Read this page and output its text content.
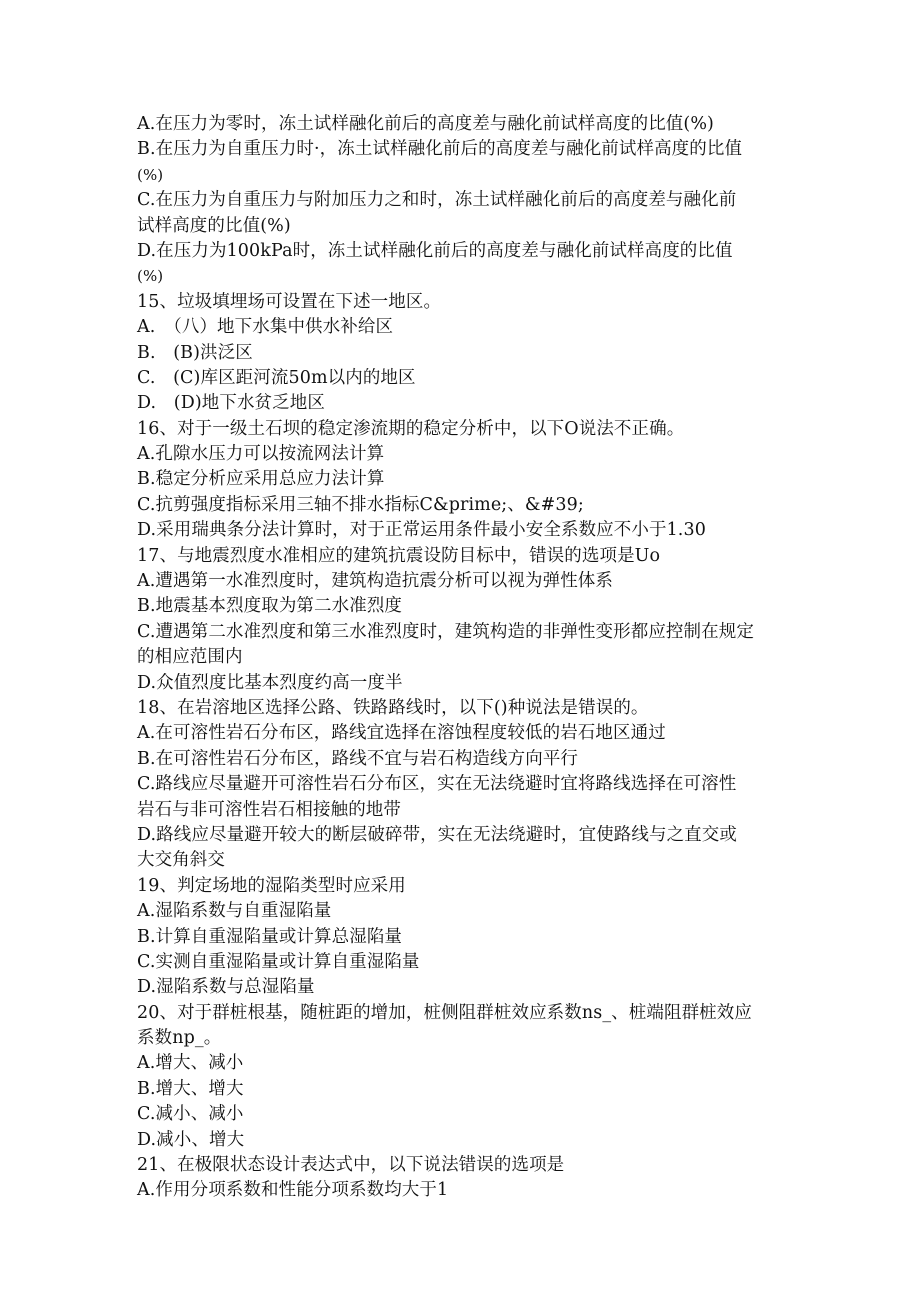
A.在压力为零时，冻土试样融化前后的高度差与融化前试样高度的比值(%)
B.在压力为自重压力时·，冻土试样融化前后的高度差与融化前试样高度的比值
(%)
C.在压力为自重压力与附加压力之和时，冻土试样融化前后的高度差与融化前
试样高度的比值(%)
D.在压力为100kPa时，冻土试样融化前后的高度差与融化前试样高度的比值
(%)
15、垃圾填埋场可设置在下述一地区。
A.　（八）地下水集中供水补给区
B.　(B)洪泛区
C.　(C)库区距河流50m以内的地区
D.　(D)地下水贫乏地区
16、对于一级土石坝的稳定渗流期的稳定分析中，以下O说法不正确。
A.孔隙水压力可以按流网法计算
B.稳定分析应采用总应力法计算
C.抗剪强度指标采用三轴不排水指标C&prime;、&#39;
D.采用瑞典条分法计算时，对于正常运用条件最小安全系数应不小于1.30
17、与地震烈度水准相应的建筑抗震设防目标中，错误的选项是Uo
A.遭遇第一水准烈度时，建筑构造抗震分析可以视为弹性体系
B.地震基本烈度取为第二水准烈度
C.遭遇第二水准烈度和第三水准烈度时，建筑构造的非弹性变形都应控制在规定
的相应范围内
D.众值烈度比基本烈度约高一度半
18、在岩溶地区选择公路、铁路路线时，以下()种说法是错误的。
A.在可溶性岩石分布区，路线宜选择在溶蚀程度较低的岩石地区通过
B.在可溶性岩石分布区，路线不宜与岩石构造线方向平行
C.路线应尽量避开可溶性岩石分布区，实在无法绕避时宜将路线选择在可溶性
岩石与非可溶性岩石相接触的地带
D.路线应尽量避开较大的断层破碎带，实在无法绕避时，宜使路线与之直交或
大交角斜交
19、判定场地的湿陷类型时应采用
A.湿陷系数与自重湿陷量
B.计算自重湿陷量或计算总湿陷量
C.实测自重湿陷量或计算自重湿陷量
D.湿陷系数与总湿陷量
20、对于群桩根基，随桩距的增加，桩侧阻群桩效应系数ns_、桩端阻群桩效应
系数np_。
A.增大、减小
B.增大、增大
C.减小、减小
D.减小、增大
21、在极限状态设计表达式中，以下说法错误的选项是
A.作用分项系数和性能分项系数均大于1
